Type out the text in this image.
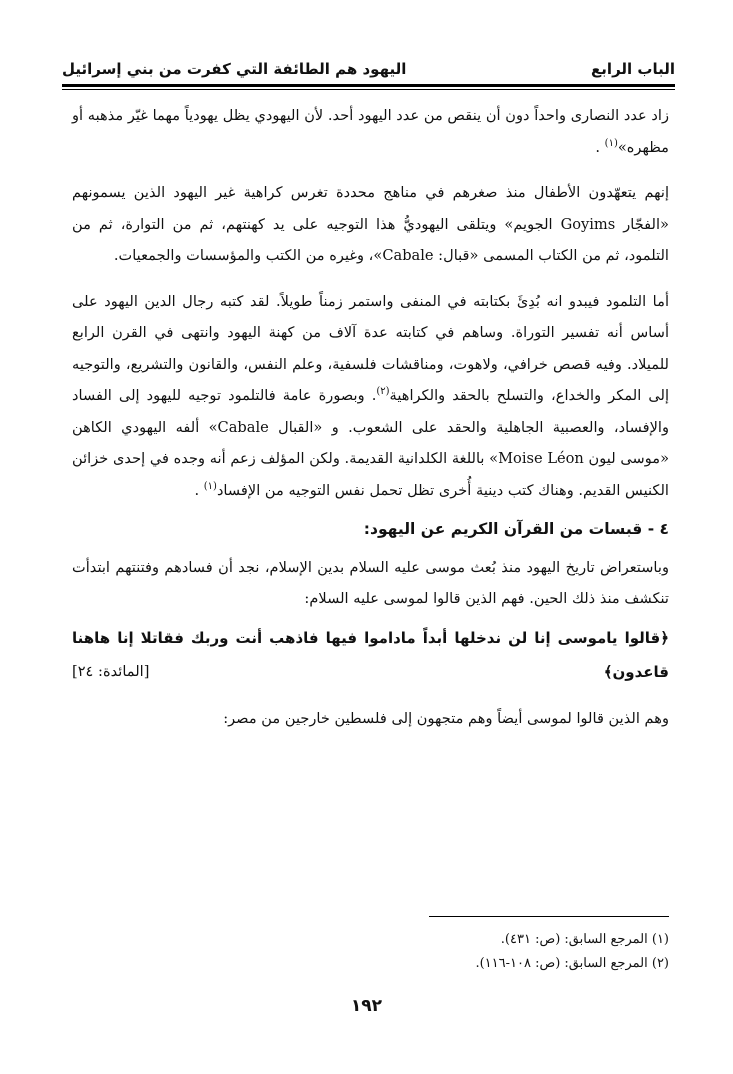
الباب الرابع
اليهود هم الطائفة التي كفرت من بني إسرائيل

زاد عدد النصارى واحداً دون أن ينقص من عدد اليهود أحد. لأن اليهودي يظل يهودياً مهما غيّر مذهبه أو مظهره»$^{(١)}$ .

إنهم يتعهّدون الأطفال منذ صغرهم في مناهج محددة تغرس كراهية غير اليهود الذين يسمونهم «الفجّار Goyims الجويم» ويتلقى اليهوديُّ هذا التوجيه على يد كهنتهم، ثم من التوارة، ثم من التلمود، ثم من الكتاب المسمى «قبال: Cabale»، وغيره من الكتب والمؤسسات والجمعيات.

أما التلمود فيبدو انه بُدِئَ بكتابته في المنفى واستمر زمناً طويلاً. لقد كتبه رجال الدين اليهود على أساس أنه تفسير التوراة. وساهم في كتابته عدة آلاف من كهنة اليهود وانتهى في القرن الرابع للميلاد. وفيه قصص خرافي، ولاهوت، ومناقشات فلسفية، وعلم النفس، والقانون والتشريع، والتوجيه إلى المكر والخداع، والتسلح بالحقد والكراهية$^{(٢)}$. وبصورة عامة فالتلمود توجيه لليهود إلى الفساد والإفساد، والعصبية الجاهلية والحقد على الشعوب. و «القبال Cabale» ألفه اليهودي الكاهن «موسى ليون Moise Léon» باللغة الكلدانية القديمة. ولكن المؤلف زعم أنه وجده في إحدى خزائن الكنيس القديم. وهناك كتب دينية أُخرى تظل تحمل نفس التوجيه من الإفساد$^{(١)}$ .

٤ - قبسات من القرآن الكريم عن اليهود:

وباستعراض تاريخ اليهود منذ بُعث موسى عليه السلام بدين الإسلام، نجد أن فسادهم وفتنتهم ابتدأت تنكشف منذ ذلك الحين. فهم الذين قالوا لموسى عليه السلام:

﴿قالوا ياموسى إنا لن ندخلها أبداً ماداموا فيها فاذهب أنت وربك فقاتلا إنا هاهنا قاعدون﴾
[المائدة: ٢٤]

وهم الذين قالوا لموسى أيضاً وهم متجهون إلى فلسطين خارجين من مصر:

(١) المرجع السابق: (ص: ٤٣١).

(٢) المرجع السابق: (ص: ١٠٨-١١٦).

١٩٢
